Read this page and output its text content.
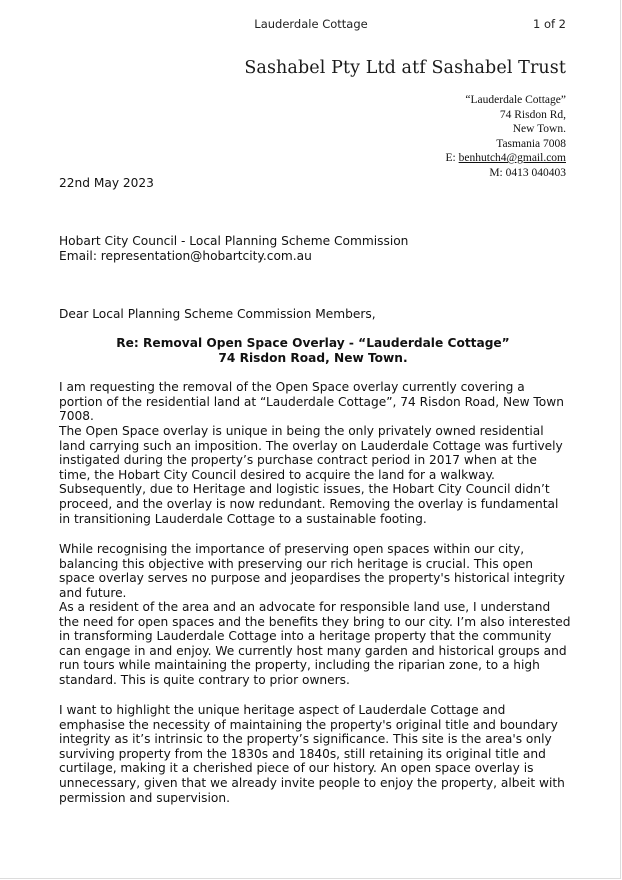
Lauderdale Cottage	1 of 2
Sashabel Pty Ltd atf Sashabel Trust
“Lauderdale Cottage”
74 Risdon Rd,
New Town.
Tasmania 7008
E: benhutch4@gmail.com
M: 0413 040403
22nd May 2023
Hobart City Council - Local Planning Scheme Commission
Email: representation@hobartcity.com.au
Dear Local Planning Scheme Commission Members,
Re: Removal Open Space Overlay - “Lauderdale Cottage”
74 Risdon Road, New Town.

I am requesting the removal of the Open Space overlay currently covering a portion of the residential land at “Lauderdale Cottage”, 74 Risdon Road, New Town 7008.

The Open Space overlay is unique in being the only privately owned residential land carrying such an imposition. The overlay on Lauderdale Cottage was furtively instigated during the property’s purchase contract period in 2017 when at the time, the Hobart City Council desired to acquire the land for a walkway. Subsequently, due to Heritage and logistic issues, the Hobart City Council didn’t proceed, and the overlay is now redundant. Removing the overlay is fundamental in transitioning Lauderdale Cottage to a sustainable footing.

While recognising the importance of preserving open spaces within our city, balancing this objective with preserving our rich heritage is crucial. This open space overlay serves no purpose and jeopardises the property's historical integrity and future.

As a resident of the area and an advocate for responsible land use, I understand the need for open spaces and the benefits they bring to our city. I’m also interested in transforming Lauderdale Cottage into a heritage property that the community can engage in and enjoy. We currently host many garden and historical groups and run tours while maintaining the property, including the riparian zone, to a high standard. This is quite contrary to prior owners.

I want to highlight the unique heritage aspect of Lauderdale Cottage and emphasise the necessity of maintaining the property's original title and boundary integrity as it’s intrinsic to the property’s significance. This site is the area's only surviving property from the 1830s and 1840s, still retaining its original title and curtilage, making it a cherished piece of our history. An open space overlay is unnecessary, given that we already invite people to enjoy the property, albeit with permission and supervision.
